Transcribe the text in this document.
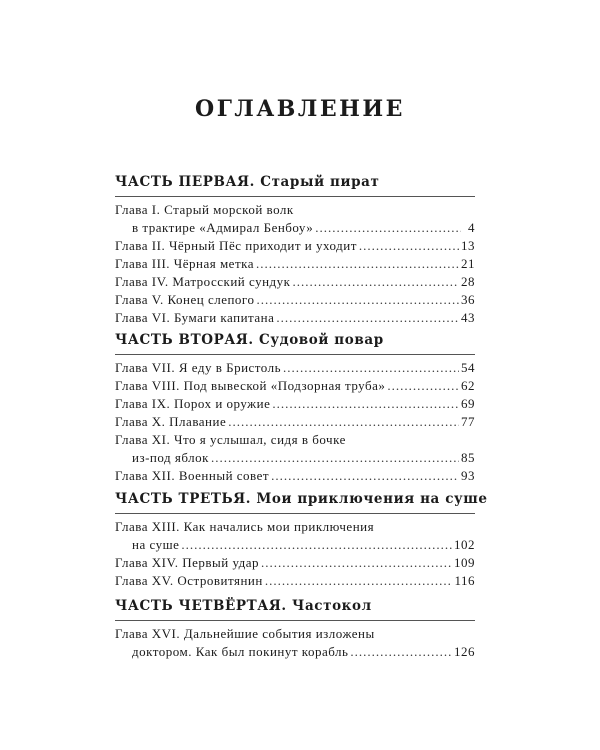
ОГЛАВЛЕНИЕ
ЧАСТЬ ПЕРВАЯ. Старый пират
Глава I. Старый морской волк
в трактире «Адмирал Бенбоу» .....	4
Глава II. Чёрный Пёс приходит и уходит .....	13
Глава III. Чёрная метка .....	21
Глава IV. Матросский сундук .....	28
Глава V. Конец слепого .....	36
Глава VI. Бумаги капитана .....	43
ЧАСТЬ ВТОРАЯ. Судовой повар
Глава VII. Я еду в Бристоль .....	54
Глава VIII. Под вывеской «Подзорная труба» .....	62
Глава IX. Порох и оружие .....	69
Глава X. Плавание .....	77
Глава XI. Что я услышал, сидя в бочке
из-под яблок .....	85
Глава XII. Военный совет .....	93
ЧАСТЬ ТРЕТЬЯ. Мои приключения на суше
Глава XIII. Как начались мои приключения
на суше .....	102
Глава XIV. Первый удар .....	109
Глава XV. Островитянин .....	116
ЧАСТЬ ЧЕТВЁРТАЯ. Частокол
Глава XVI. Дальнейшие события изложены
доктором. Как был покинут корабль .....	126
